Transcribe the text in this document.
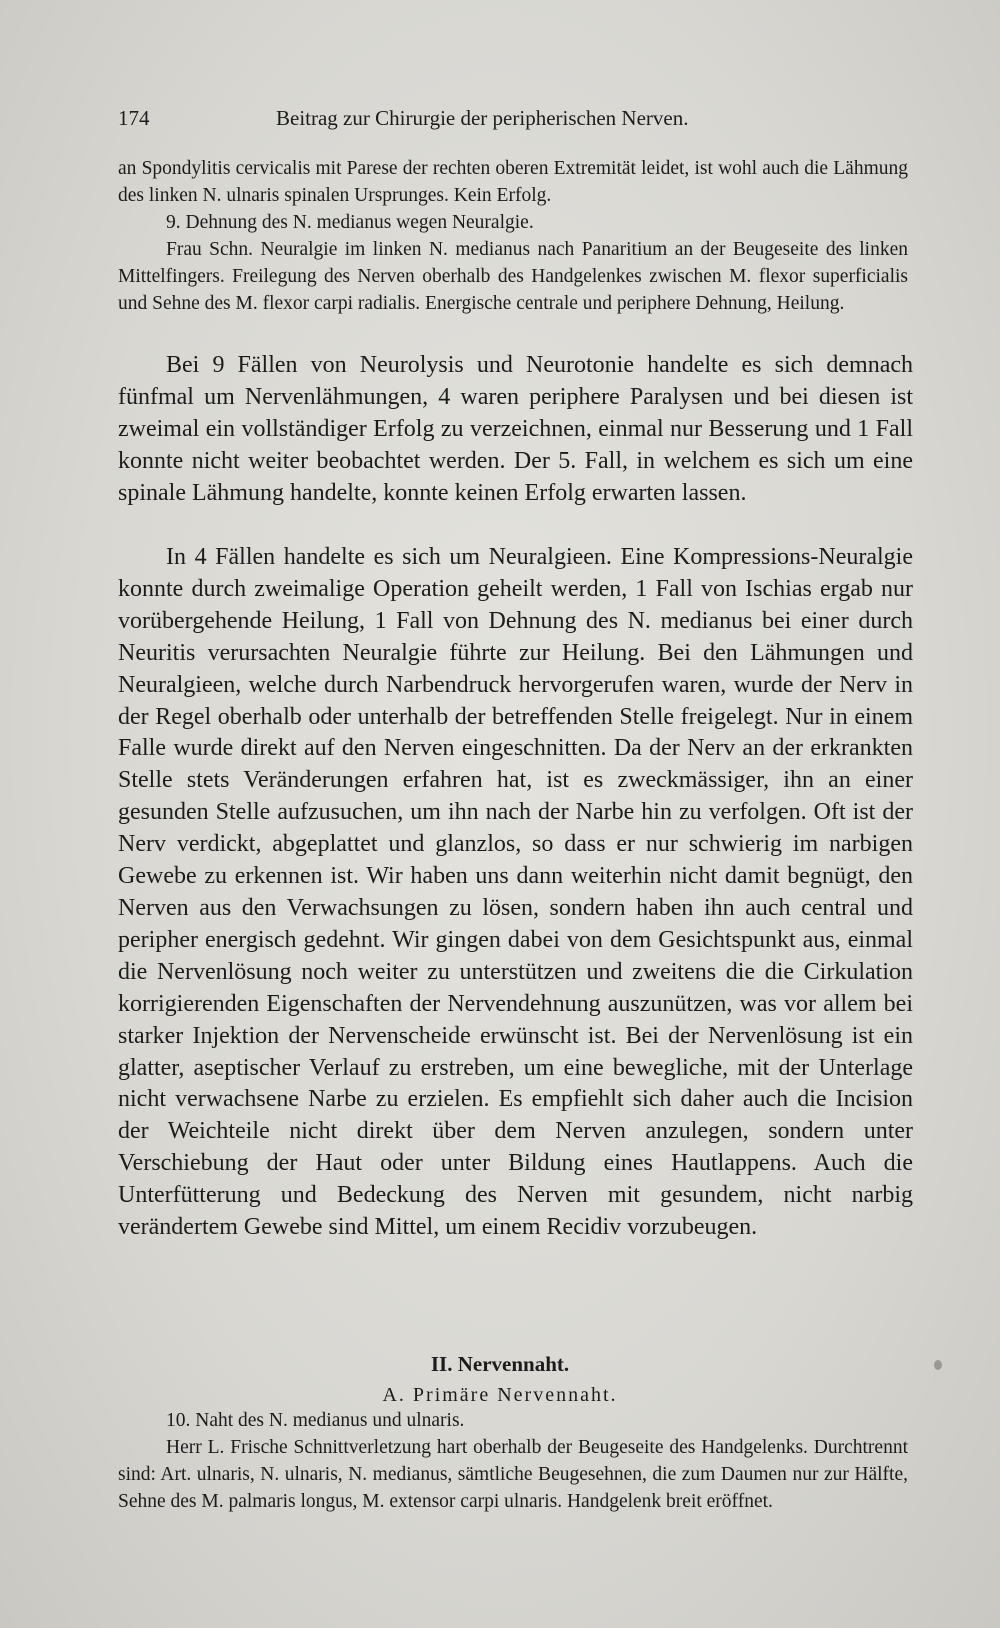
174	Beitrag zur Chirurgie der peripherischen Nerven.

an Spondylitis cervicalis mit Parese der rechten oberen Extremität leidet, ist wohl auch die Lähmung des linken N. ulnaris spinalen Ursprunges. Kein Erfolg.

9. Dehnung des N. medianus wegen Neuralgie.

Frau Schn. Neuralgie im linken N. medianus nach Panaritium an der Beugeseite des linken Mittelfingers. Freilegung des Nerven oberhalb des Handgelenkes zwischen M. flexor superficialis und Sehne des M. flexor carpi radialis. Energische centrale und periphere Dehnung, Heilung.

Bei 9 Fällen von Neurolysis und Neurotonie handelte es sich demnach fünfmal um Nervenlähmungen, 4 waren periphere Paralysen und bei diesen ist zweimal ein vollständiger Erfolg zu verzeichnen, einmal nur Besserung und 1 Fall konnte nicht weiter beobachtet werden. Der 5. Fall, in welchem es sich um eine spinale Lähmung handelte, konnte keinen Erfolg erwarten lassen.

In 4 Fällen handelte es sich um Neuralgieen. Eine Kompressions-Neuralgie konnte durch zweimalige Operation geheilt werden, 1 Fall von Ischias ergab nur vorübergehende Heilung, 1 Fall von Dehnung des N. medianus bei einer durch Neuritis verursachten Neuralgie führte zur Heilung. Bei den Lähmungen und Neuralgieen, welche durch Narbendruck hervorgerufen waren, wurde der Nerv in der Regel oberhalb oder unterhalb der betreffenden Stelle freigelegt. Nur in einem Falle wurde direkt auf den Nerven eingeschnitten. Da der Nerv an der erkrankten Stelle stets Veränderungen erfahren hat, ist es zweckmässiger, ihn an einer gesunden Stelle aufzusuchen, um ihn nach der Narbe hin zu verfolgen. Oft ist der Nerv verdickt, abgeplattet und glanzlos, so dass er nur schwierig im narbigen Gewebe zu erkennen ist. Wir haben uns dann weiterhin nicht damit begnügt, den Nerven aus den Verwachsungen zu lösen, sondern haben ihn auch central und peripher energisch gedehnt. Wir gingen dabei von dem Gesichtspunkt aus, einmal die Nervenlösung noch weiter zu unterstützen und zweitens die die Cirkulation korrigierenden Eigenschaften der Nervendehnung auszunützen, was vor allem bei starker Injektion der Nervenscheide erwünscht ist. Bei der Nervenlösung ist ein glatter, aseptischer Verlauf zu erstreben, um eine bewegliche, mit der Unterlage nicht verwachsene Narbe zu erzielen. Es empfiehlt sich daher auch die Incision der Weichteile nicht direkt über dem Nerven anzulegen, sondern unter Verschiebung der Haut oder unter Bildung eines Hautlappens. Auch die Unterfütterung und Bedeckung des Nerven mit gesundem, nicht narbig verändertem Gewebe sind Mittel, um einem Recidiv vorzubeugen.

II. Nervennaht.
A. Primäre Nervennaht.

10. Naht des N. medianus und ulnaris.

Herr L. Frische Schnittverletzung hart oberhalb der Beugeseite des Handgelenks. Durchtrennt sind: Art. ulnaris, N. ulnaris, N. medianus, sämtliche Beugesehnen, die zum Daumen nur zur Hälfte, Sehne des M. palmaris longus, M. extensor carpi ulnaris. Handgelenk breit eröffnet.
